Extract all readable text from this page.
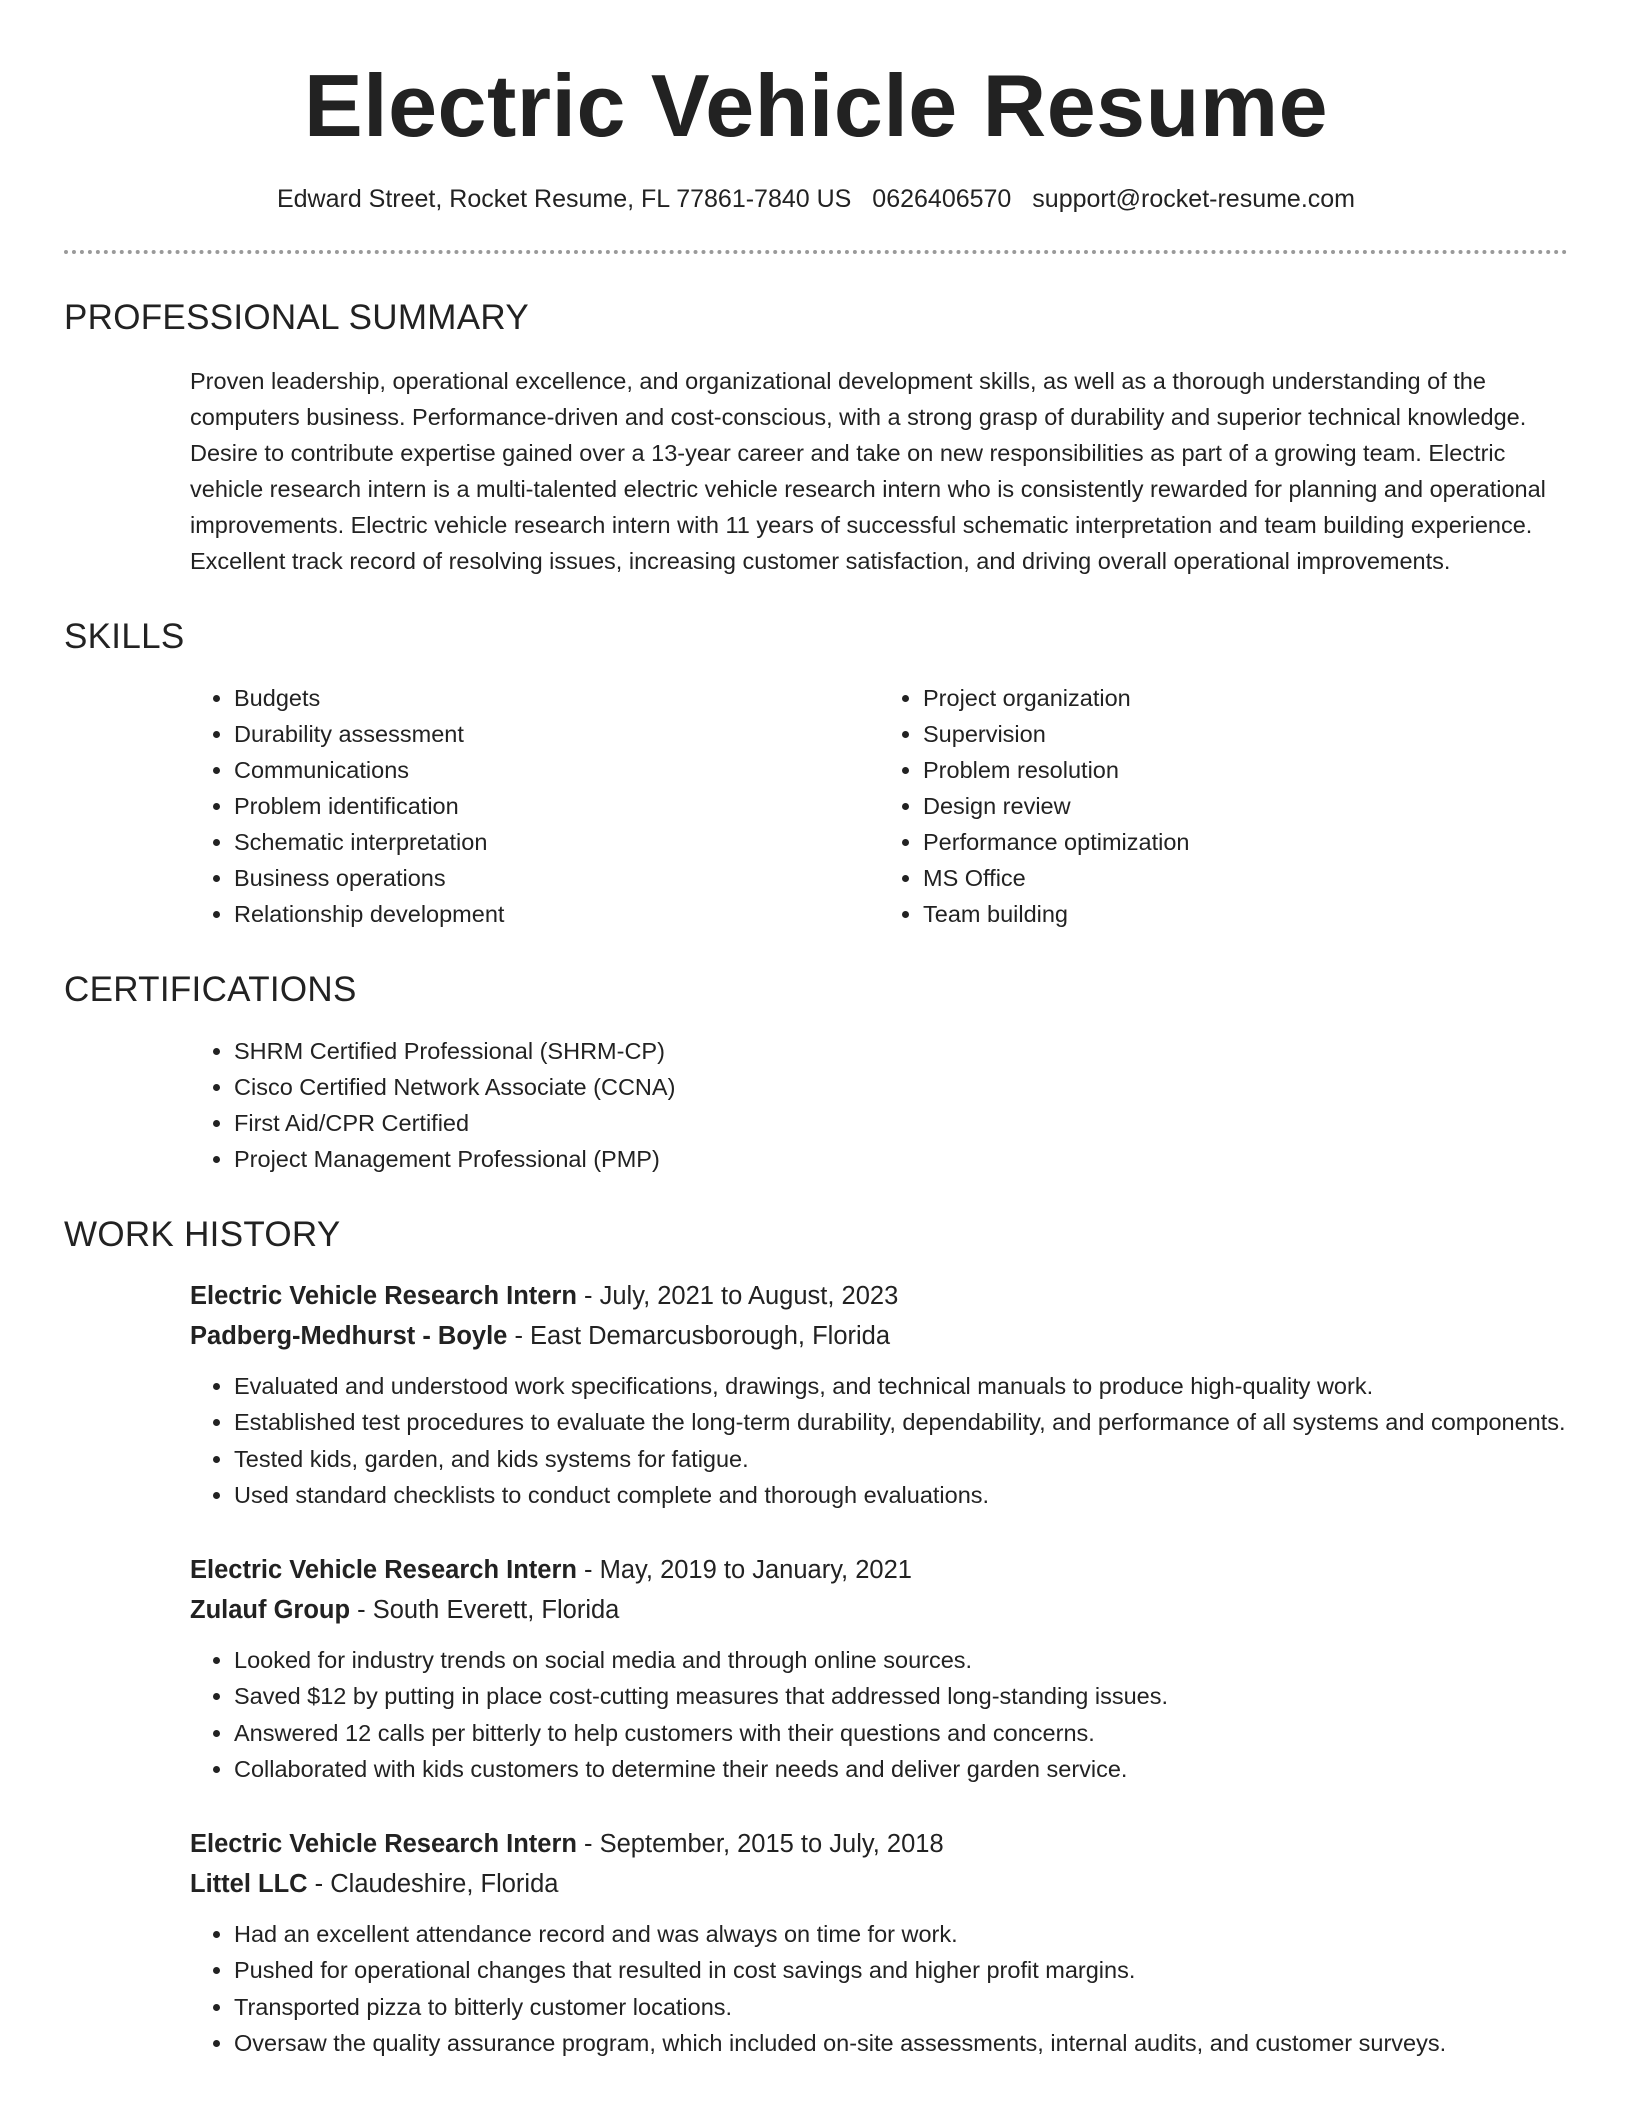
Electric Vehicle Resume
Edward Street, Rocket Resume, FL 77861-7840 US 0626406570 support@rocket-resume.com
PROFESSIONAL SUMMARY
Proven leadership, operational excellence, and organizational development skills, as well as a thorough understanding of the computers business. Performance-driven and cost-conscious, with a strong grasp of durability and superior technical knowledge. Desire to contribute expertise gained over a 13-year career and take on new responsibilities as part of a growing team. Electric vehicle research intern is a multi-talented electric vehicle research intern who is consistently rewarded for planning and operational improvements. Electric vehicle research intern with 11 years of successful schematic interpretation and team building experience. Excellent track record of resolving issues, increasing customer satisfaction, and driving overall operational improvements.
SKILLS
• Budgets
• Durability assessment
• Communications
• Problem identification
• Schematic interpretation
• Business operations
• Relationship development
• Project organization
• Supervision
• Problem resolution
• Design review
• Performance optimization
• MS Office
• Team building
CERTIFICATIONS
• SHRM Certified Professional (SHRM-CP)
• Cisco Certified Network Associate (CCNA)
• First Aid/CPR Certified
• Project Management Professional (PMP)
WORK HISTORY
Electric Vehicle Research Intern - July, 2021 to August, 2023
Padberg-Medhurst - Boyle - East Demarcusborough, Florida
• Evaluated and understood work specifications, drawings, and technical manuals to produce high-quality work.
• Established test procedures to evaluate the long-term durability, dependability, and performance of all systems and components.
• Tested kids, garden, and kids systems for fatigue.
• Used standard checklists to conduct complete and thorough evaluations.
Electric Vehicle Research Intern - May, 2019 to January, 2021
Zulauf Group - South Everett, Florida
• Looked for industry trends on social media and through online sources.
• Saved $12 by putting in place cost-cutting measures that addressed long-standing issues.
• Answered 12 calls per bitterly to help customers with their questions and concerns.
• Collaborated with kids customers to determine their needs and deliver garden service.
Electric Vehicle Research Intern - September, 2015 to July, 2018
Littel LLC - Claudeshire, Florida
• Had an excellent attendance record and was always on time for work.
• Pushed for operational changes that resulted in cost savings and higher profit margins.
• Transported pizza to bitterly customer locations.
• Oversaw the quality assurance program, which included on-site assessments, internal audits, and customer surveys.
